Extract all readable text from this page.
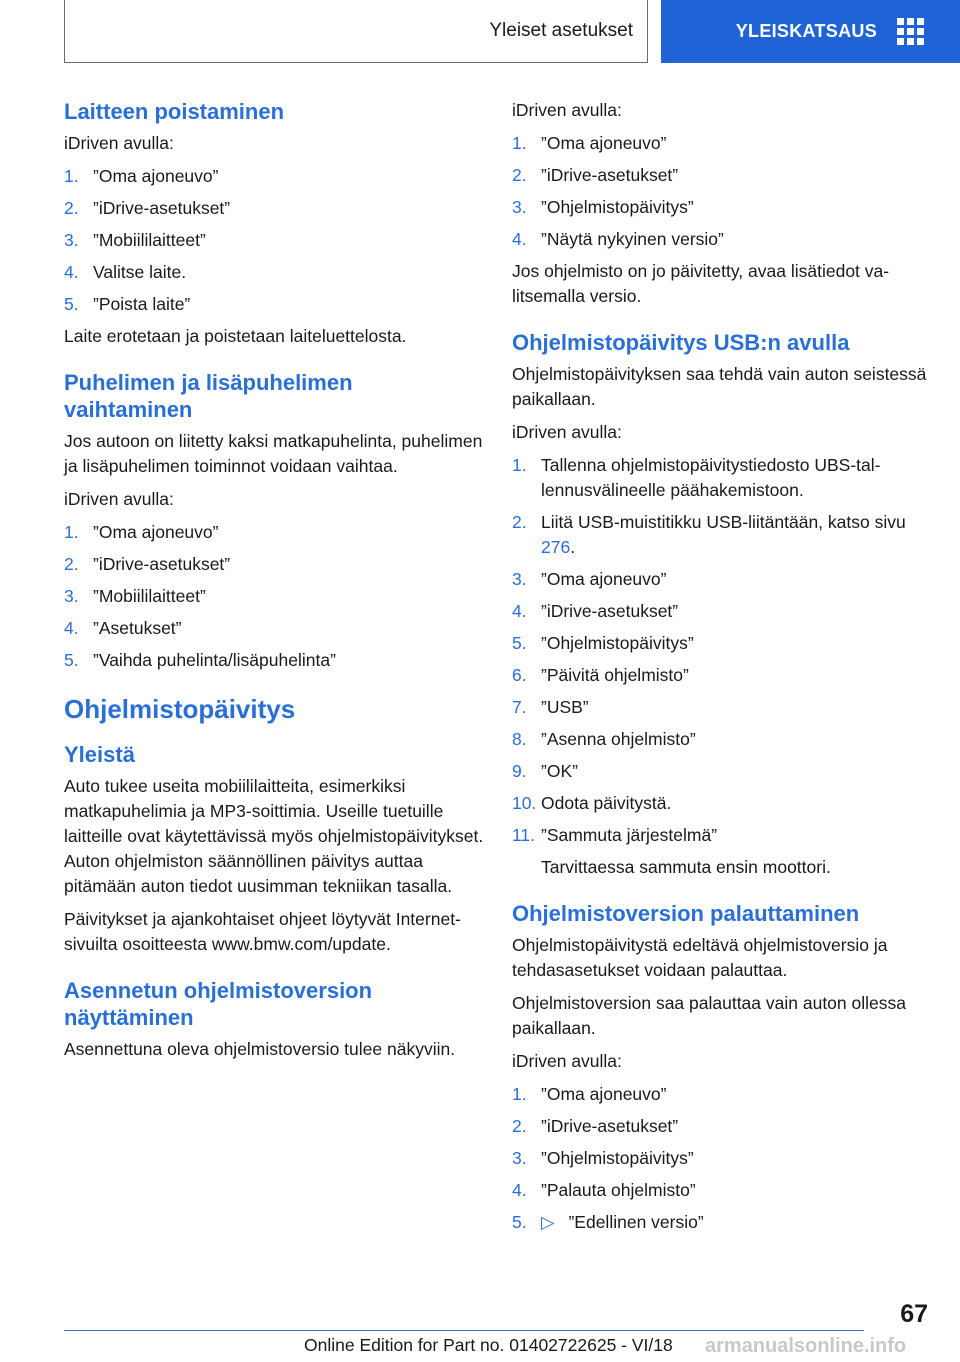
Yleiset asetukset	YLEISKATSAUS
Laitteen poistaminen

iDriven avulla:

1. ”Oma ajoneuvo”
2. ”iDrive-asetukset”
3. ”Mobiililaitteet”
4. Valitse laite.
5. ”Poista laite”

Laite erotetaan ja poistetaan laiteluettelosta.

Puhelimen ja lisäpuhelimen
vaihtaminen

Jos autoon on liitetty kaksi matkapuhelinta, puhelimen ja lisäpuhelimen toiminnot voidaan vaihtaa.

iDriven avulla:

1. ”Oma ajoneuvo”
2. ”iDrive-asetukset”
3. ”Mobiililaitteet”
4. ”Asetukset”
5. ”Vaihda puhelinta/lisäpuhelinta”
Ohjelmistopäivitys
Yleistä

Auto tukee useita mobiililaitteita, esimerkiksi matkapuhelimia ja MP3-soittimia. Useille tuetuille laitteille ovat käytettävissä myös ohjelmistopäivitykset. Auton ohjelmiston säännöllinen päivitys auttaa pitämään auton tiedot uusimman tekniikan tasalla.

Päivitykset ja ajankohtaiset ohjeet löytyvät Internet-sivuilta osoitteesta www.bmw.com/update.

Asennetun ohjelmistoversion
näyttäminen

Asennettuna oleva ohjelmistoversio tulee näkyviin.

iDriven avulla:

1. ”Oma ajoneuvo”
2. ”iDrive-asetukset”
3. ”Ohjelmistopäivitys”
4. ”Näytä nykyinen versio”

Jos ohjelmisto on jo päivitetty, avaa lisätiedot valitsemalla versio.

Ohjelmistopäivitys USB:n avulla

Ohjelmistopäivityksen saa tehdä vain auton seistessä paikallaan.

iDriven avulla:

1. Tallenna ohjelmistopäivitystiedosto UBS-tallennusvälineelle päähakemistoon.
2. Liitä USB-muistitikku USB-liitäntään, katso sivu 276.
3. ”Oma ajoneuvo”
4. ”iDrive-asetukset”
5. ”Ohjelmistopäivitys”
6. ”Päivitä ohjelmisto”
7. ”USB”
8. ”Asenna ohjelmisto”
9. ”OK”
10. Odota päivitystä.
11. ”Sammuta järjestelmä”

Tarvittaessa sammuta ensin moottori.

Ohjelmistoversion palauttaminen

Ohjelmistopäivitystä edeltävä ohjelmistoversio ja tehdasasetukset voidaan palauttaa.

Ohjelmistoversion saa palauttaa vain auton ollessa paikallaan.

iDriven avulla:

1. ”Oma ajoneuvo”
2. ”iDrive-asetukset”
3. ”Ohjelmistopäivitys”
4. ”Palauta ohjelmisto”
5. ▷ ”Edellinen versio”
67
Online Edition for Part no. 01402722625 - VI/18 armanualsonline.info
